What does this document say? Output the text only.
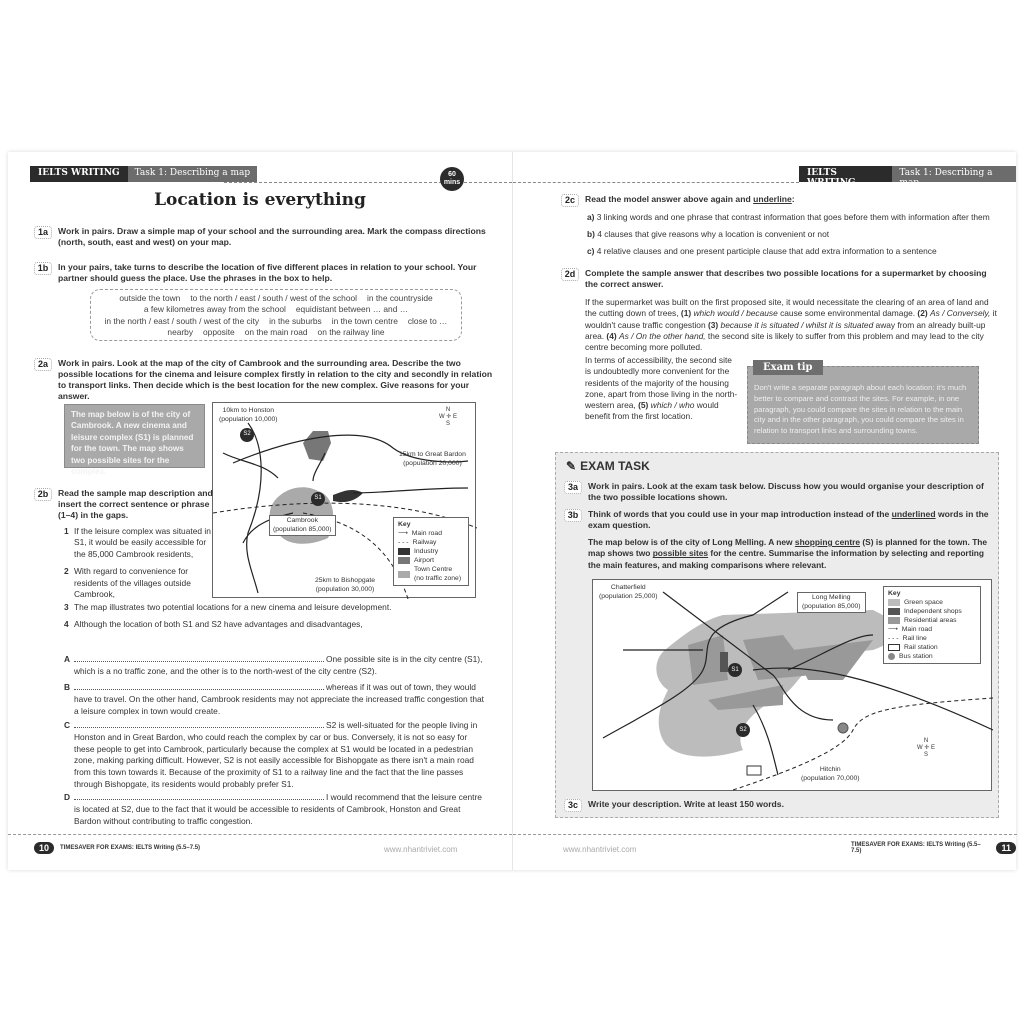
IELTS WRITING	Task 1: Describing a map	60
mins
Location is everything
1a	Work in pairs. Draw a simple map of your school and the surrounding area. Mark the compass directions (north, south, east and west) on your map.
1b	In your pairs, take turns to describe the location of five different places in relation to your school. Your partner should guess the place. Use the phrases in the box to help.
outside the town to the north / east / south / west of the school in the countryside
a few kilometres away from the school equidistant between … and …
in the north / east / south / west of the city in the suburbs in the town centre close to …
nearby opposite on the main road on the railway line
2a	Work in pairs. Look at the map of the city of Cambrook and the surrounding area. Describe the two possible locations for the cinema and leisure complex firstly in relation to the city and secondly in relation to transport links. Then decide which is the best location for the new complex. Give reasons for your answer.
The map below is of the city of Cambrook. A new cinema and leisure complex (S1) is planned for the town. The map shows two possible sites for the complex.
S2
S1
10km to Honston
(population 10,000)
15km to Great Bardon
(population 20,000)
Cambrook
(population 85,000)
25km to Bishopgate
(population 30,000)
N
W ✛ E
S
Key
⟶ Main road
- - - Railway
Industry
Airport
Town Centre
(no traffic zone)
2b	Read the sample map description and insert the correct sentence or phrase (1–4) in the gaps.
1 If the leisure complex was situated in S1, it would be easily accessible for the 85,000 Cambrook residents,
2 With regard to convenience for residents of the villages outside Cambrook,
3 The map illustrates two potential locations for a new cinema and leisure development.
4 Although the location of both S1 and S2 have advantages and disadvantages,
A	One possible site is in the city centre (S1), which is a no traffic zone, and the other is to the north-west of the city centre (S2).
B	whereas if it was out of town, they would have to travel. On the other hand, Cambrook residents may not appreciate the increased traffic congestion that a leisure complex in town would create.
C	S2 is well-situated for the people living in Honston and in Great Bardon, who could reach the complex by car or bus. Conversely, it is not so easy for these people to get into Cambrook, particularly because the complex at S1 would be located in a pedestrian zone, making parking difficult. However, S2 is not easily accessible for Bishopgate as there isn't a main road from this town towards it. Because of the proximity of S1 to a railway line and the fact that the line passes through Bishopgate, its residents would probably prefer S1.
D	I would recommend that the leisure centre is located at S2, due to the fact that it would be accessible to residents of Cambrook, Honston and Great Bardon without contributing to traffic congestion.
10	TIMESAVER FOR EXAMS: IELTS Writing (5.5–7.5)	www.nhantriviet.com
IELTS WRITING
Task 1: Describing a map
2c	Read the model answer above again and underline:
a) 3 linking words and one phrase that contrast information that goes before them with information after them
b) 4 clauses that give reasons why a location is convenient or not
c) 4 relative clauses and one present participle clause that add extra information to a sentence
2d	Complete the sample answer that describes two possible locations for a supermarket by choosing the correct answer.
If the supermarket was built on the first proposed site, it would necessitate the clearing of an area of land and the cutting down of trees, (1) which would / because cause some environmental damage. (2) As / Conversely, it wouldn't cause traffic congestion (3) because it is situated / whilst it is situated away from an already built-up area. (4) As / On the other hand, the second site is likely to suffer from this problem and may lead to the city centre becoming more polluted.
In terms of accessibility, the second site is undoubtedly more convenient for the residents of the majority of the housing zone, apart from those living in the north-western area, (5) which / who would benefit from the first location.
Don't write a separate paragraph about each location: it's much better to compare and contrast the sites. For example, in one paragraph, you could compare the sites in relation to the main city and in the other paragraph, you could compare the sites in relation to transport links and surrounding towns.
Exam tip
✎ EXAM TASK
3a	Work in pairs. Look at the exam task below. Discuss how you would organise your description of the two possible locations shown.
3b	Think of words that you could use in your map introduction instead of the underlined words in the exam question.
The map below is of the city of Long Melling. A new shopping centre (S) is planned for the town. The map shows two possible sites for the centre. Summarise the information by selecting and reporting the main features, and making comparisons where relevant.
S1
S2
Chatterfield
(population 25,000)	Long Melling
(population 85,000)
Hitchin
(population 70,000)
N
W ✛ E
S
Key
Green space
Independent shops
Residential areas
⟶ Main road
- - - Rail line
Rail station
Bus station
3c	Write your description. Write at least 150 words.
www.nhantriviet.com	TIMESAVER FOR EXAMS: IELTS Writing (5.5–7.5)	11
